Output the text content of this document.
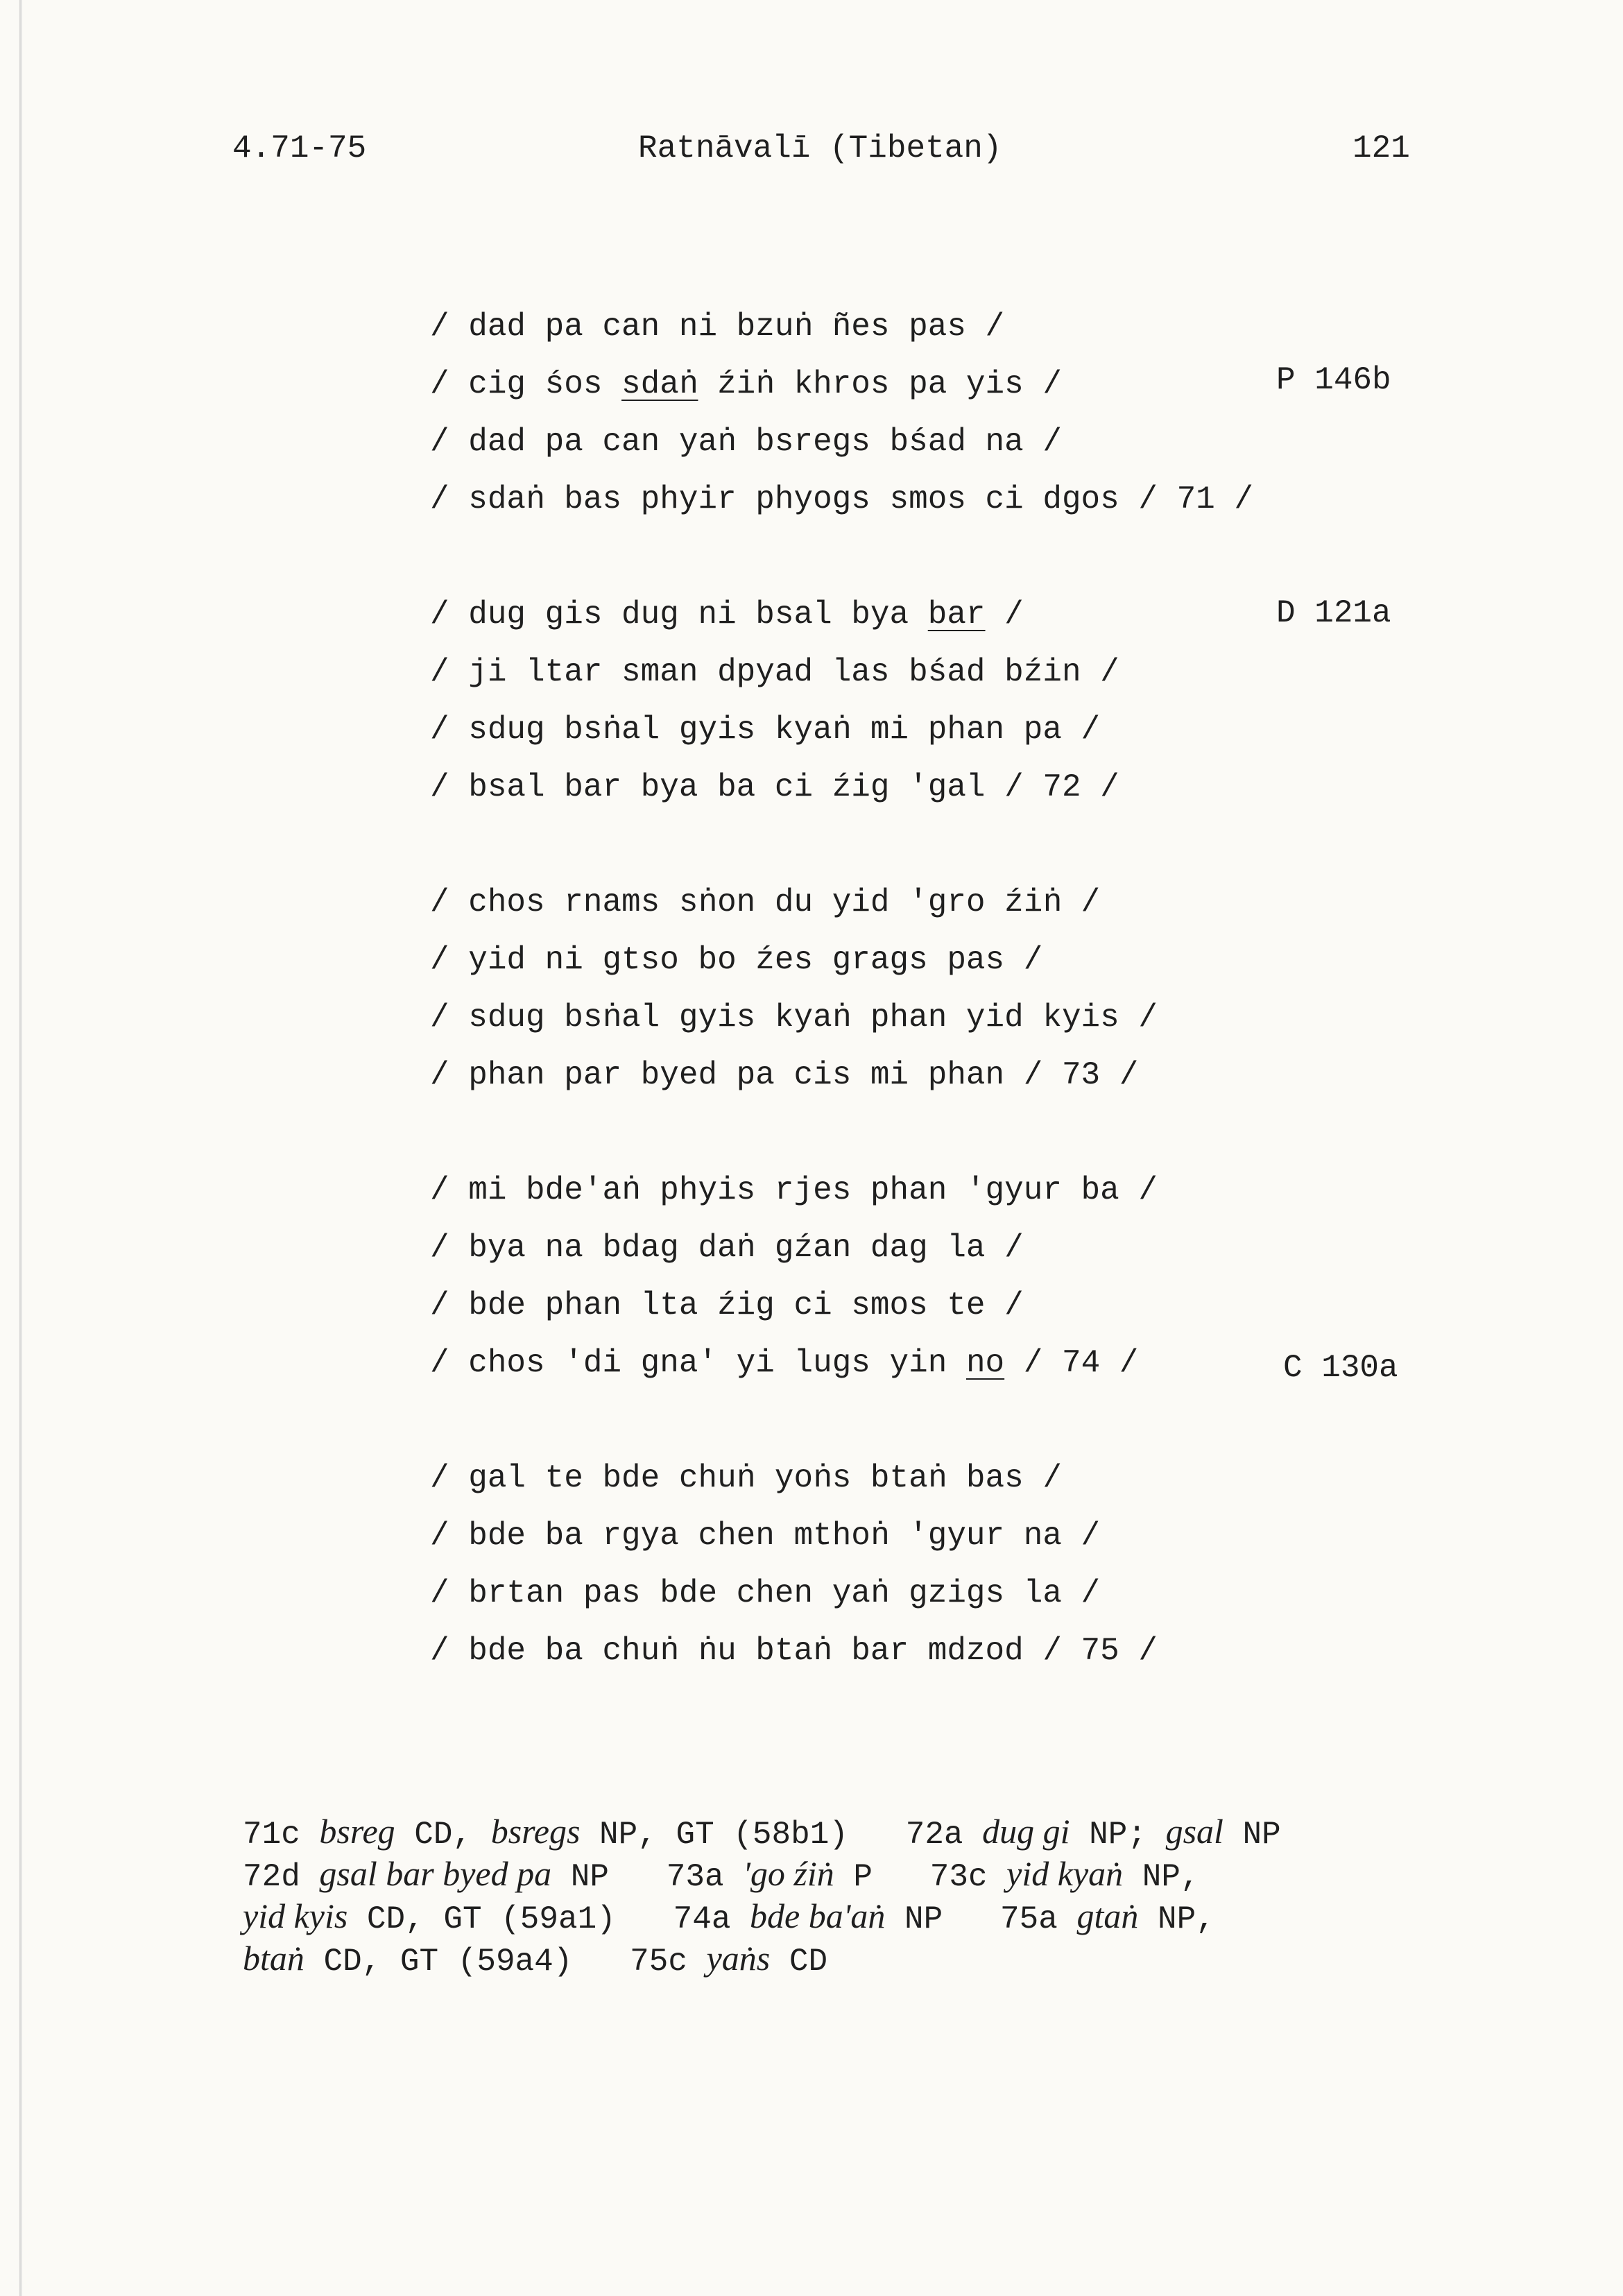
4.71-75	Ratnāvalī (Tibetan)	121
/ dad pa can ni bzuṅ ñes pas /
/ cig śos sdaṅ źiṅ khros pa yis /
/ dad pa can yaṅ bsregs bśad na /
/ sdaṅ bas phyir phyogs smos ci dgos / 71 /
/ dug gis dug ni bsal bya bar /
/ ji ltar sman dpyad las bśad bźin /
/ sdug bsṅal gyis kyaṅ mi phan pa /
/ bsal bar bya ba ci źig 'gal / 72 /
/ chos rnams sṅon du yid 'gro źiṅ /
/ yid ni gtso bo źes grags pas /
/ sdug bsṅal gyis kyaṅ phan yid kyis /
/ phan par byed pa cis mi phan / 73 /
/ mi bde'aṅ phyis rjes phan 'gyur ba /
/ bya na bdag daṅ gźan dag la /
/ bde phan lta źig ci smos te /
/ chos 'di gna' yi lugs yin no / 74 /
/ gal te bde chuṅ yoṅs btaṅ bas /
/ bde ba rgya chen mthoṅ 'gyur na /
/ brtan pas bde chen yaṅ gzigs la /
/ bde ba chuṅ ṅu btaṅ bar mdzod / 75 /
P 146b
D 121a
C 130a
71c bsreg CD, bsregs NP, GT (58b1)   72a dug gi NP; gsal NP
72d gsal bar byed pa NP   73a 'go źiṅ P   73c yid kyaṅ NP,
yid kyis CD, GT (59a1)   74a bde ba'aṅ NP   75a gtaṅ NP,
btaṅ CD, GT (59a4)   75c yaṅs CD
